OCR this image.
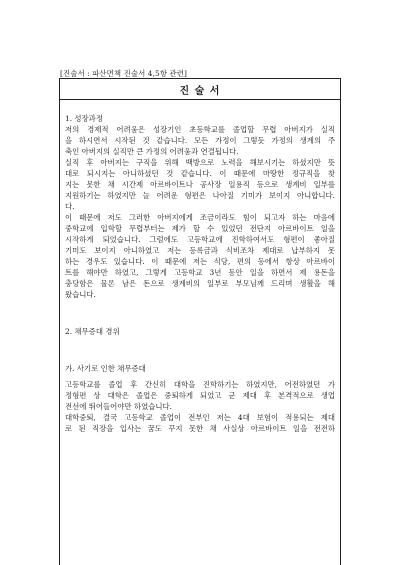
[진술서 : 파산면책 진술서 4,5항 관련]
진 술 서
1. 성장과정
저의 경제적 어려움은 성장기인 초등학교를 졸업할 무렵 아버지가 실직
을 하시면서 시작된 것 같습니다. 모든 가정이 그렇듯 가정의 생계의 주
축인 아버지의 실직만 큰 가정의 어려움과 연결됩니다.
실직 후 아버지는 구직을 위해 백방으로 노력을 해보시기는 하셨지만 뜻
대로 되시지는 아니하셨던 것 같습니다. 이 때문에 마땅한 정규직을 찾
지는 못한 채 시간제 아르바이트나 공사장 일용직 등으로 생계비 일부를
지원하기는 하였지만 늘 어려운 형편은 나아질 기미가 보이지 아니합니다.
다.
이 때문에 저도 그러한 아버지에게 조금이라도 힘이 되고자 하는 마음에
중학교에 입학할 무렵부터는 제가 할 수 있었던 전단지 아르바이트 일을
시작하게 되었습니다. 그럼에도 고등학교에 진학하여서도 형편이 좋아질
기미도 보이지 아니하였고 저는 등록금과 식비조차 제대로 납부하지 못
하는 경우도 있습니다. 이 때문에 저는 식당, 편의 등에서 항상 아르바이
트를 해야만 하였고, 그렇게 고등학교 3년 동안 일을 하면서 제 용돈을
충당함은 물론 남은 돈으로 생계비의 일부로 부모님께 드리며 생활을 해
왔습니다.
2. 채무증대 경위
가. 사기로 인한 채무증대
고등학교를 졸업 후 간신히 대학을 진학하기는 하였지만, 어전하였던 가
정형편 상 대학은 졸업은 중퇴하게 되었고 군 제대 후 본격적으로 생업
전선에 뛰어들어야만 하였습니다.
대학중퇴, 결국 고등학교 졸업이 전부인 저는 4대 보험이 적용되는 제대
로 된 직장을 입사는 꿈도 꾸지 못한 채 사실상 아르바이트 일을 전전하
